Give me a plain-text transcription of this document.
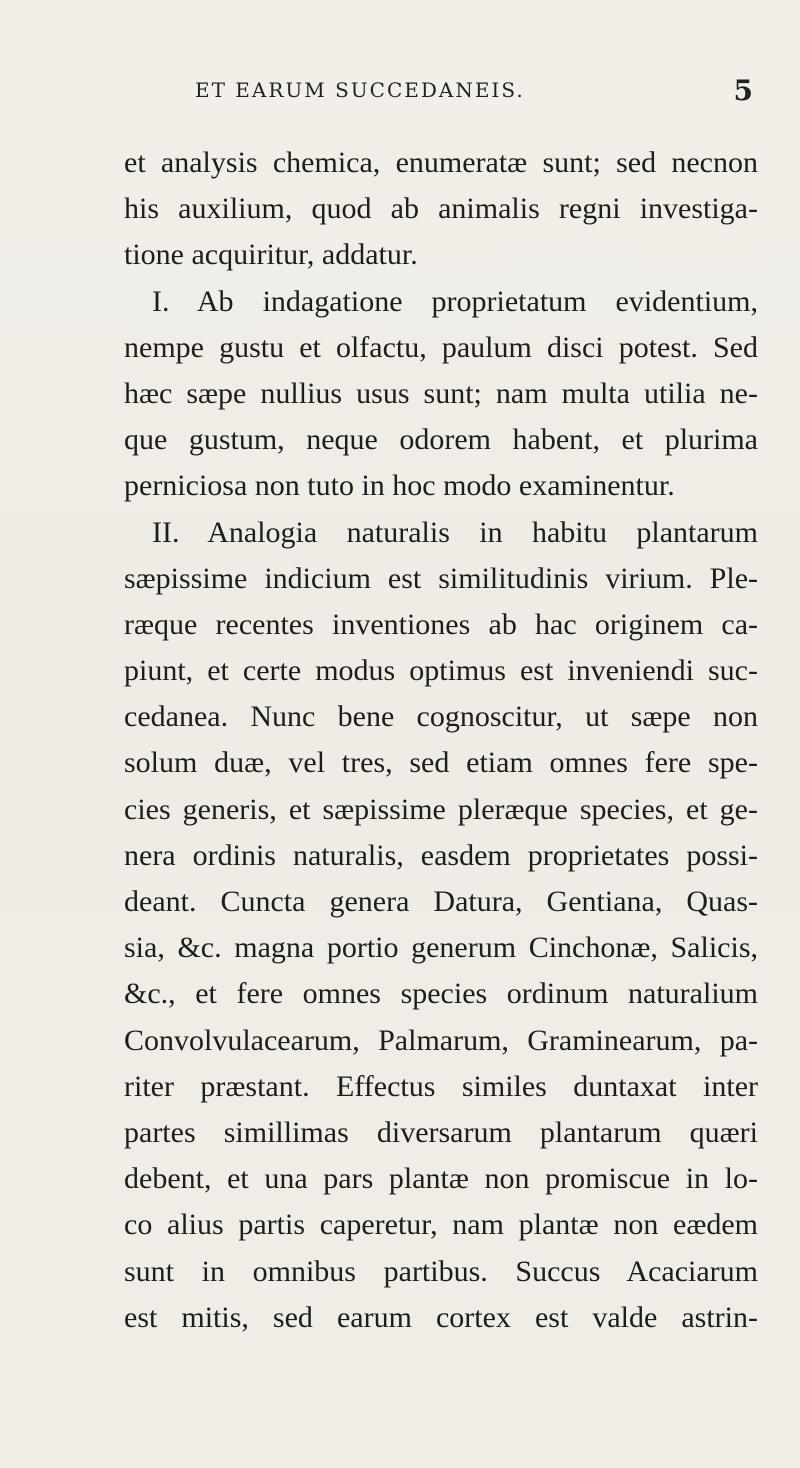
ET EARUM SUCCEDANEIS.	5
et analysis chemica, enumeratæ sunt; sed necnon
his auxilium, quod ab animalis regni investiga-
tione acquiritur, addatur.
I. Ab indagatione proprietatum evidentium,
nempe gustu et olfactu, paulum disci potest. Sed
hæc sæpe nullius usus sunt; nam multa utilia ne-
que gustum, neque odorem habent, et plurima
perniciosa non tuto in hoc modo examinentur.
II. Analogia naturalis in habitu plantarum
sæpissime indicium est similitudinis virium. Ple-
ræque recentes inventiones ab hac originem ca-
piunt, et certe modus optimus est inveniendi suc-
cedanea. Nunc bene cognoscitur, ut sæpe non
solum duæ, vel tres, sed etiam omnes fere spe-
cies generis, et sæpissime pleræque species, et ge-
nera ordinis naturalis, easdem proprietates possi-
deant. Cuncta genera Datura, Gentiana, Quas-
sia, &c. magna portio generum Cinchonæ, Salicis,
&c., et fere omnes species ordinum naturalium
Convolvulacearum, Palmarum, Graminearum, pa-
riter præstant. Effectus similes duntaxat inter
partes simillimas diversarum plantarum quæri
debent, et una pars plantæ non promiscue in lo-
co alius partis caperetur, nam plantæ non eædem
sunt in omnibus partibus. Succus Acaciarum
est mitis, sed earum cortex est valde astrin-
